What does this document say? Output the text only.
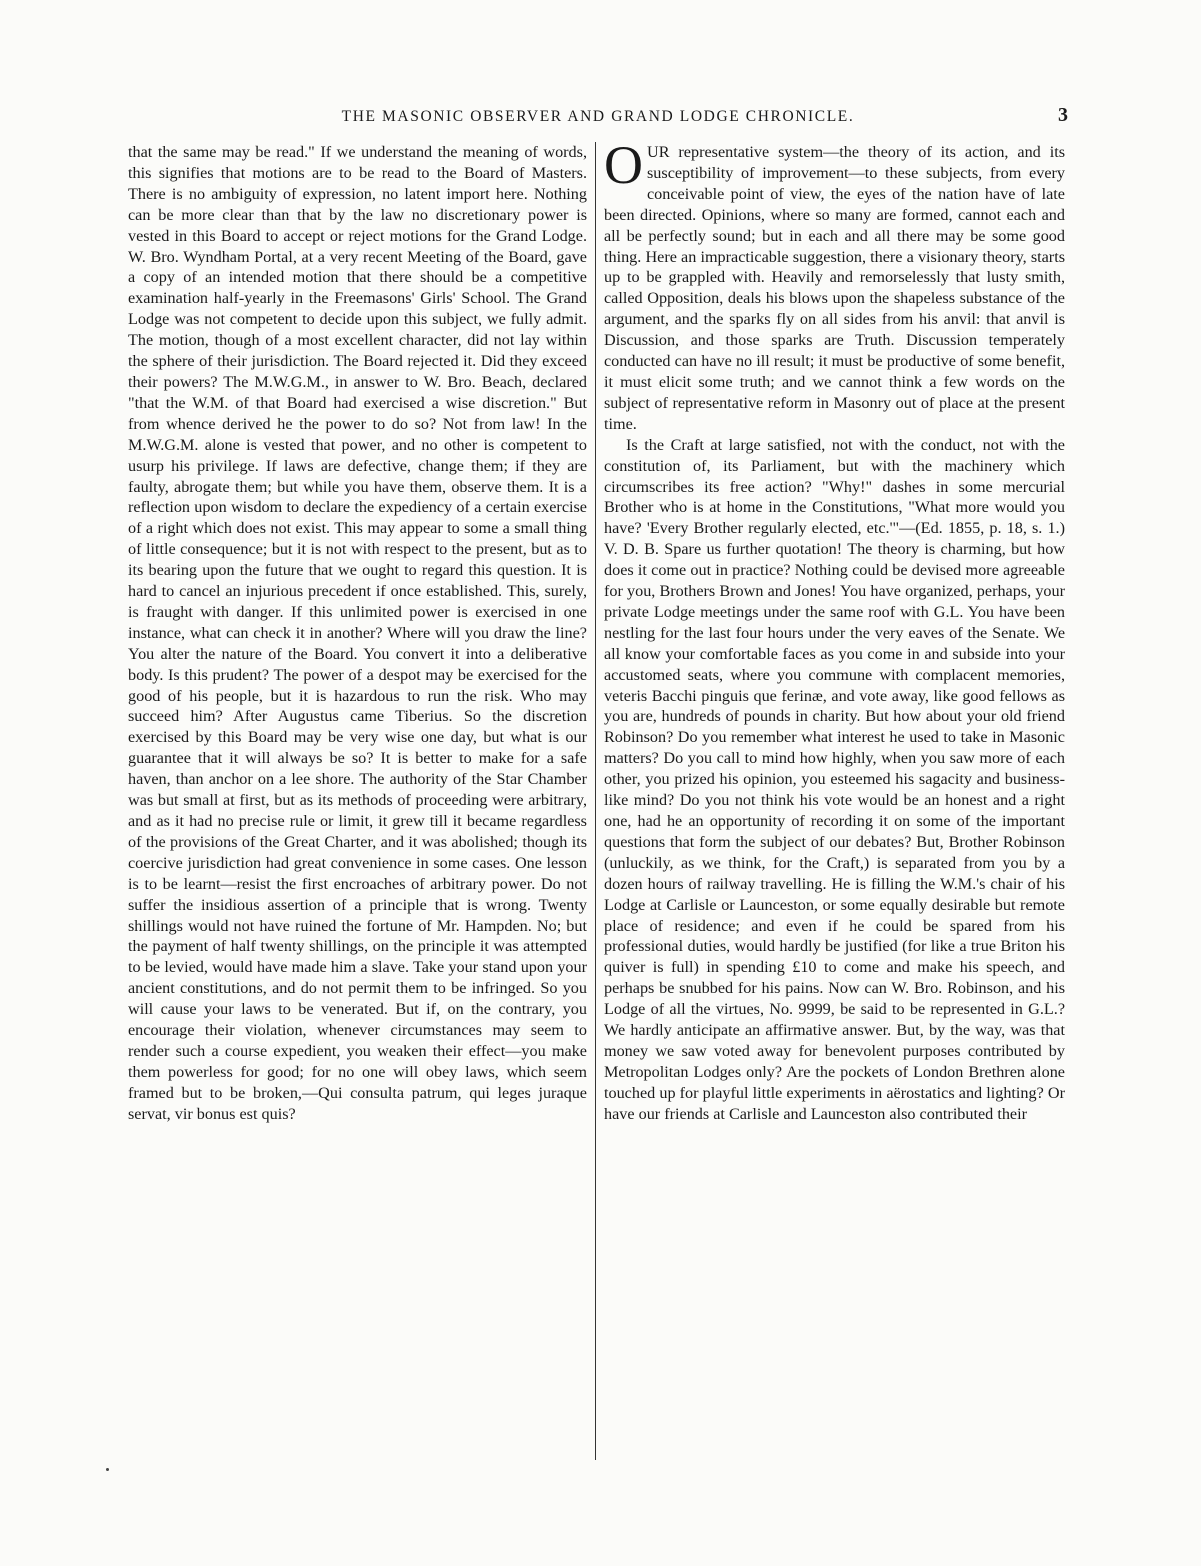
THE MASONIC OBSERVER AND GRAND LODGE CHRONICLE.	3

that the same may be read." If we understand the meaning of words, this signifies that motions are to be read to the Board of Masters. There is no ambiguity of expression, no latent import here. Nothing can be more clear than that by the law no discretionary power is vested in this Board to accept or reject motions for the Grand Lodge. W. Bro. Wyndham Portal, at a very recent Meeting of the Board, gave a copy of an intended motion that there should be a competitive examination half-yearly in the Freemasons' Girls' School. The Grand Lodge was not competent to decide upon this subject, we fully admit. The motion, though of a most excellent character, did not lay within the sphere of their jurisdiction. The Board rejected it. Did they exceed their powers? The M.W.G.M., in answer to W. Bro. Beach, declared "that the W.M. of that Board had exercised a wise discretion." But from whence derived he the power to do so? Not from law! In the M.W.G.M. alone is vested that power, and no other is competent to usurp his privilege. If laws are defective, change them; if they are faulty, abrogate them; but while you have them, observe them. It is a reflection upon wisdom to declare the expediency of a certain exercise of a right which does not exist. This may appear to some a small thing of little consequence; but it is not with respect to the present, but as to its bearing upon the future that we ought to regard this question. It is hard to cancel an injurious precedent if once established. This, surely, is fraught with danger. If this unlimited power is exercised in one instance, what can check it in another? Where will you draw the line? You alter the nature of the Board. You convert it into a deliberative body. Is this prudent? The power of a despot may be exercised for the good of his people, but it is hazardous to run the risk. Who may succeed him? After Augustus came Tiberius. So the discretion exercised by this Board may be very wise one day, but what is our guarantee that it will always be so? It is better to make for a safe haven, than anchor on a lee shore. The authority of the Star Chamber was but small at first, but as its methods of proceeding were arbitrary, and as it had no precise rule or limit, it grew till it became regardless of the provisions of the Great Charter, and it was abolished; though its coercive jurisdiction had great convenience in some cases. One lesson is to be learnt—resist the first encroaches of arbitrary power. Do not suffer the insidious assertion of a principle that is wrong. Twenty shillings would not have ruined the fortune of Mr. Hampden. No; but the payment of half twenty shillings, on the principle it was attempted to be levied, would have made him a slave. Take your stand upon your ancient constitutions, and do not permit them to be infringed. So you will cause your laws to be venerated. But if, on the contrary, you encourage their violation, whenever circumstances may seem to render such a course expedient, you weaken their effect—you make them powerless for good; for no one will obey laws, which seem framed but to be broken,—Qui consulta patrum, qui leges juraque servat, vir bonus est quis?

OUR representative system—the theory of its action, and its susceptibility of improvement—to these subjects, from every conceivable point of view, the eyes of the nation have of late been directed. Opinions, where so many are formed, cannot each and all be perfectly sound; but in each and all there may be some good thing. Here an impracticable suggestion, there a visionary theory, starts up to be grappled with. Heavily and remorselessly that lusty smith, called Opposition, deals his blows upon the shapeless substance of the argument, and the sparks fly on all sides from his anvil: that anvil is Discussion, and those sparks are Truth. Discussion temperately conducted can have no ill result; it must be productive of some benefit, it must elicit some truth; and we cannot think a few words on the subject of representative reform in Masonry out of place at the present time.

Is the Craft at large satisfied, not with the conduct, not with the constitution of, its Parliament, but with the machinery which circumscribes its free action? "Why!" dashes in some mercurial Brother who is at home in the Constitutions, "What more would you have? 'Every Brother regularly elected, etc.'"—(Ed. 1855, p. 18, s. 1.) V. D. B. Spare us further quotation! The theory is charming, but how does it come out in practice? Nothing could be devised more agreeable for you, Brothers Brown and Jones! You have organized, perhaps, your private Lodge meetings under the same roof with G.L. You have been nestling for the last four hours under the very eaves of the Senate. We all know your comfortable faces as you come in and subside into your accustomed seats, where you commune with complacent memories, veteris Bacchi pinguis que ferinæ, and vote away, like good fellows as you are, hundreds of pounds in charity. But how about your old friend Robinson? Do you remember what interest he used to take in Masonic matters? Do you call to mind how highly, when you saw more of each other, you prized his opinion, you esteemed his sagacity and business-like mind? Do you not think his vote would be an honest and a right one, had he an opportunity of recording it on some of the important questions that form the subject of our debates? But, Brother Robinson (unluckily, as we think, for the Craft,) is separated from you by a dozen hours of railway travelling. He is filling the W.M.'s chair of his Lodge at Carlisle or Launceston, or some equally desirable but remote place of residence; and even if he could be spared from his professional duties, would hardly be justified (for like a true Briton his quiver is full) in spending £10 to come and make his speech, and perhaps be snubbed for his pains. Now can W. Bro. Robinson, and his Lodge of all the virtues, No. 9999, be said to be represented in G.L.? We hardly anticipate an affirmative answer. But, by the way, was that money we saw voted away for benevolent purposes contributed by Metropolitan Lodges only? Are the pockets of London Brethren alone touched up for playful little experiments in aërostatics and lighting? Or have our friends at Carlisle and Launceston also contributed their
